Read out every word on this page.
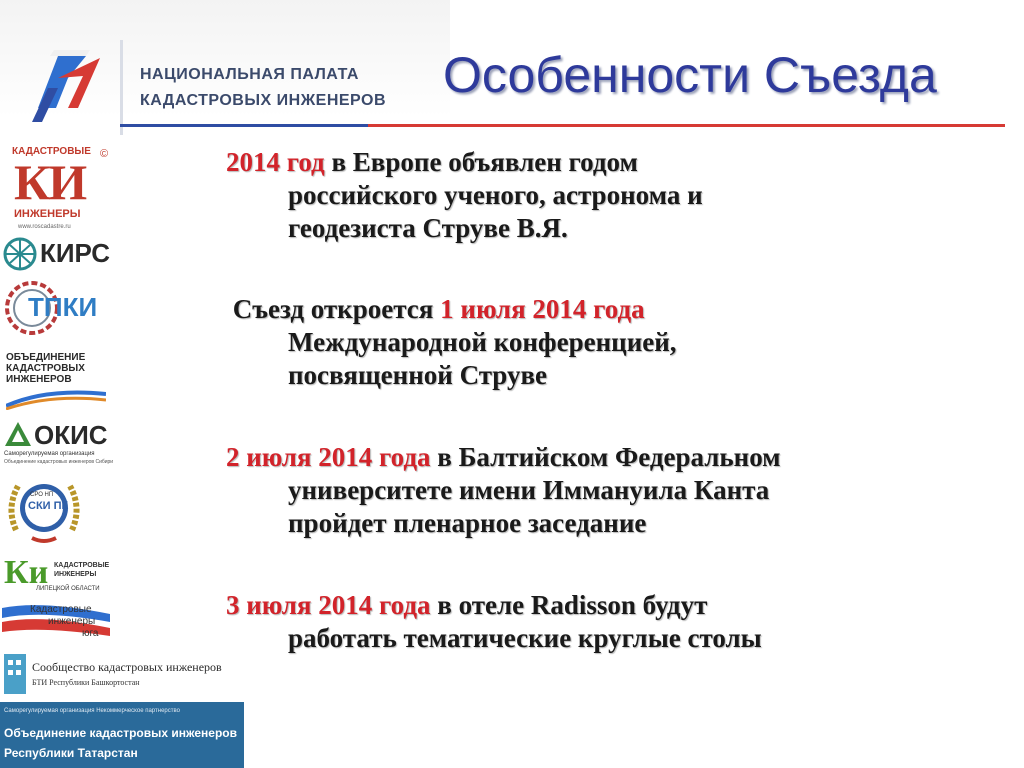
НАЦИОНАЛЬНАЯ ПАЛАТА
КАДАСТРОВЫХ ИНЖЕНЕРОВ Особенности Съезда
КАДАСТРОВЫЕ ©
КИ
ИНЖЕНЕРЫ
www.roscadastre.ru
КИРС
ТПКИ
ОБЪЕДИНЕНИЕ
КАДАСТРОВЫХ
ИНЖЕНЕРОВ
ОКИС
Саморегулируемая организация
Объединение кадастровых инженеров Сибири
СРО НП
СКИ ПК
Ки КАДАСТРОВЫЕ
ИНЖЕНЕРЫ
ЛИПЕЦКОЙ ОБЛАСТИ
Кадастровые
инженеры
юга
Сообщество кадастровых инженеров
БТИ Республики Башкортостан
Саморегулируемая организация Некоммерческое партнерство
Объединение кадастровых инженеров
Республики Татарстан
2014 год в Европе объявлен годом
российского ученого, астронома и
геодезиста Струве В.Я.
Съезд откроется 1 июля 2014 года
Международной конференцией,
посвященной Струве
2 июля 2014 года в Балтийском Федеральном
университете имени Иммануила Канта
пройдет пленарное заседание
3 июля 2014 года в отеле Radisson будут
работать тематические круглые столы
